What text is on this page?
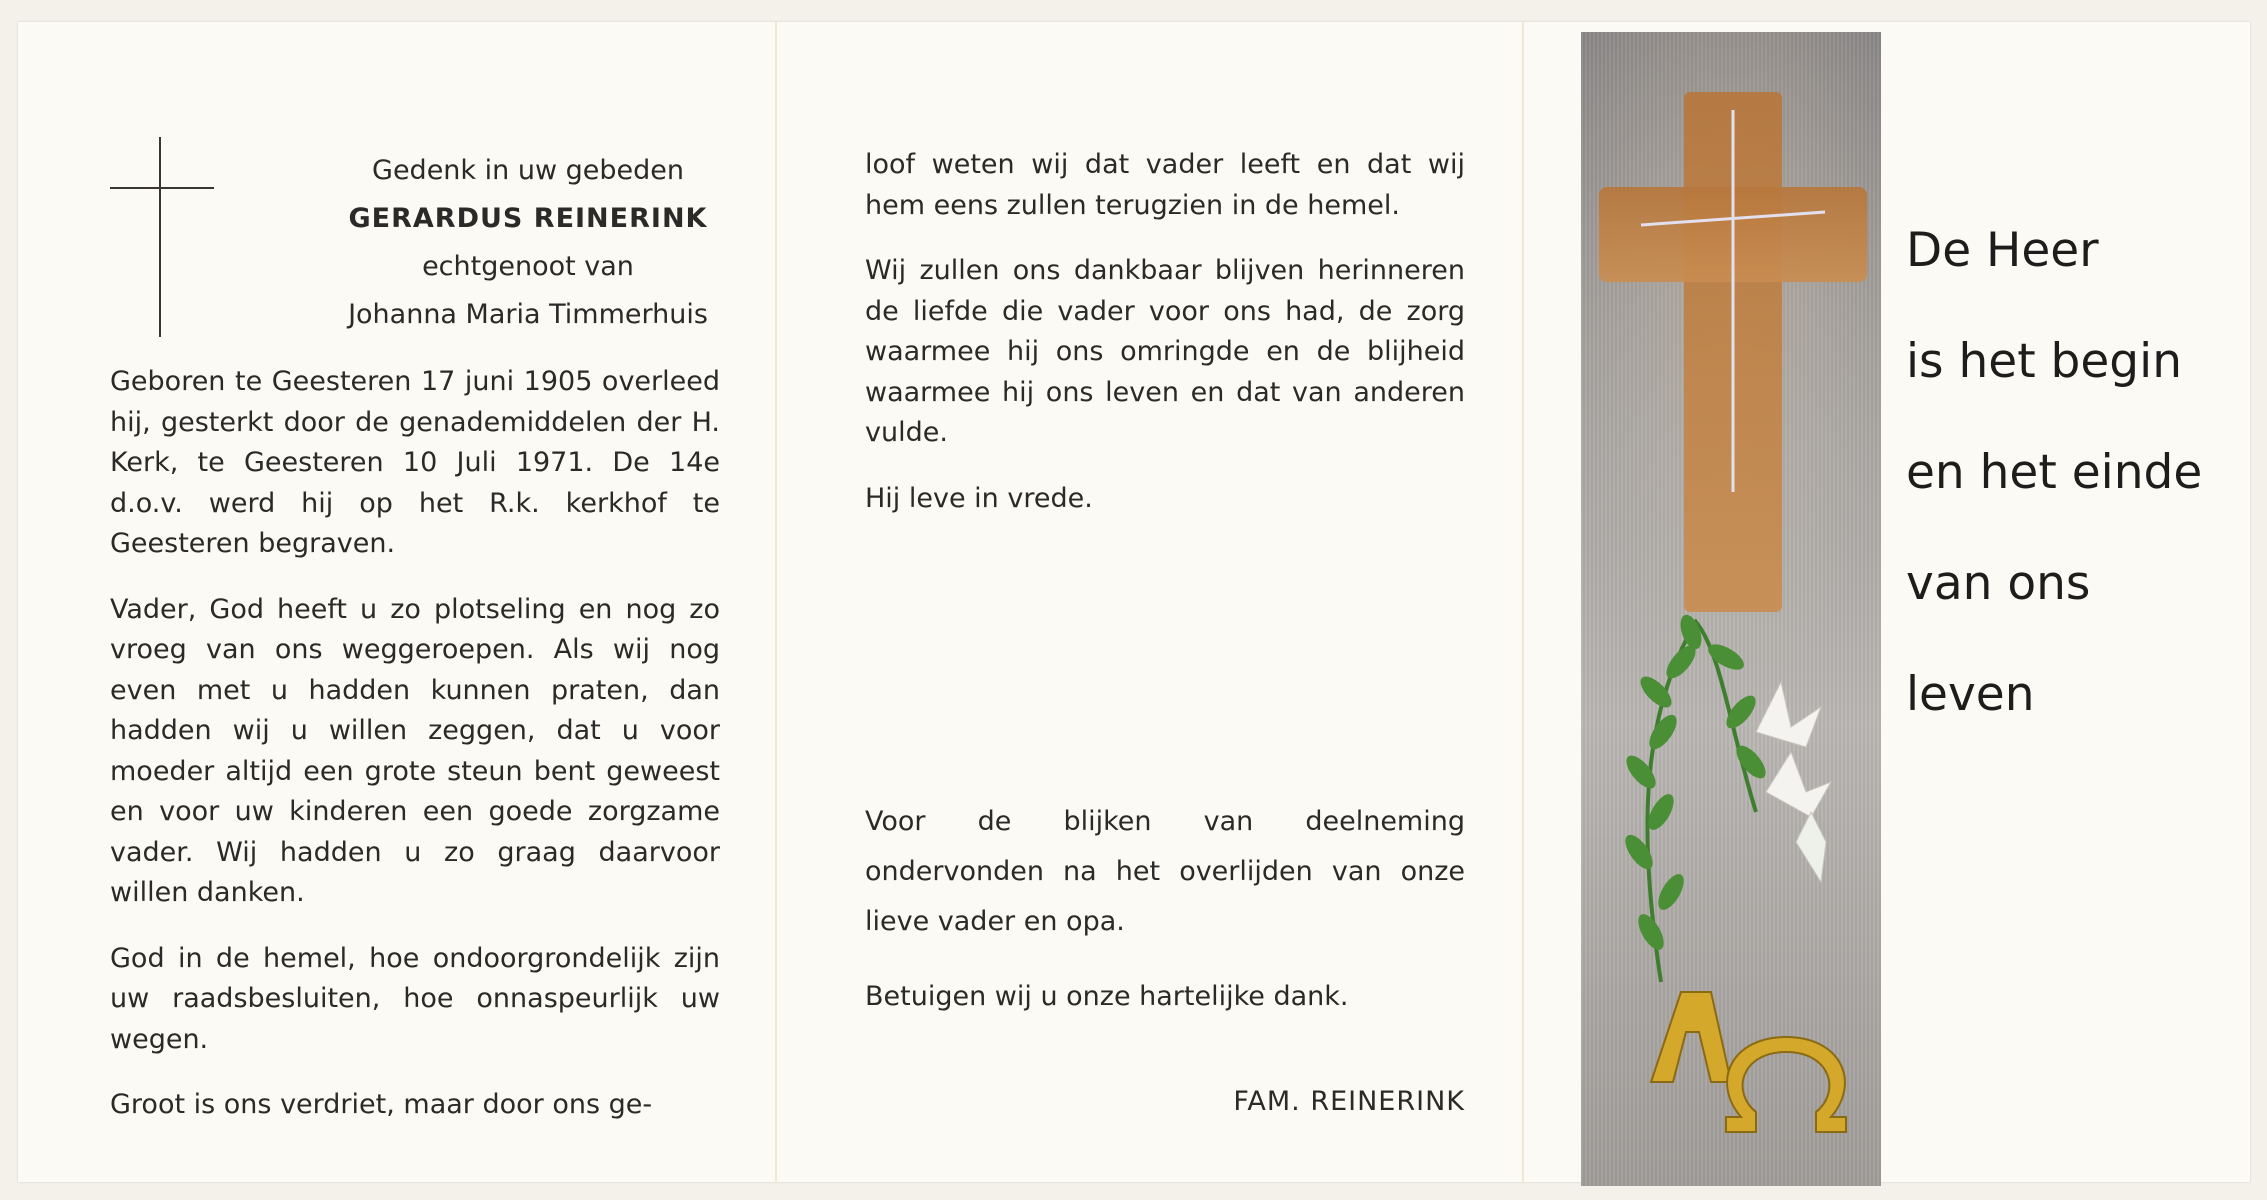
Gedenk in uw gebeden
GERARDUS REINERINK
echtgenoot van
Johanna Maria Timmerhuis

Geboren te Geesteren 17 juni 1905 overleed hij, gesterkt door de genademiddelen der H. Kerk, te Geesteren 10 Juli 1971. De 14e d.o.v. werd hij op het R.k. kerkhof te Geesteren begraven.

Vader, God heeft u zo plotseling en nog zo vroeg van ons weggeroepen. Als wij nog even met u hadden kunnen praten, dan hadden wij u willen zeggen, dat u voor moeder altijd een grote steun bent geweest en voor uw kinderen een goede zorgzame vader. Wij hadden u zo graag daarvoor willen danken.

God in de hemel, hoe ondoorgrondelijk zijn uw raadsbesluiten, hoe onnaspeurlijk uw wegen.

Groot is ons verdriet, maar door ons ge-

loof weten wij dat vader leeft en dat wij hem eens zullen terugzien in de hemel.

Wij zullen ons dankbaar blijven herinneren de liefde die vader voor ons had, de zorg waarmee hij ons omringde en de blijheid waarmee hij ons leven en dat van anderen vulde.

Hij leve in vrede.

Voor de blijken van deelneming ondervonden na het overlijden van onze lieve vader en opa.

Betuigen wij u onze hartelijke dank.

FAM. REINERINK
De Heer
is het begin
en het einde
van ons
leven
